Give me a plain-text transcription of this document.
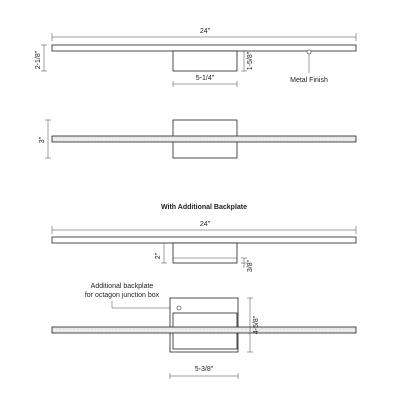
24"
2-1/8"	1-5/8"
5-1/4"	Metal Finish
3"
With Additional Backplate
24"
2"
3/8"
Additional backplate
for octagon junction box
4-5/8"
5-3/8"
